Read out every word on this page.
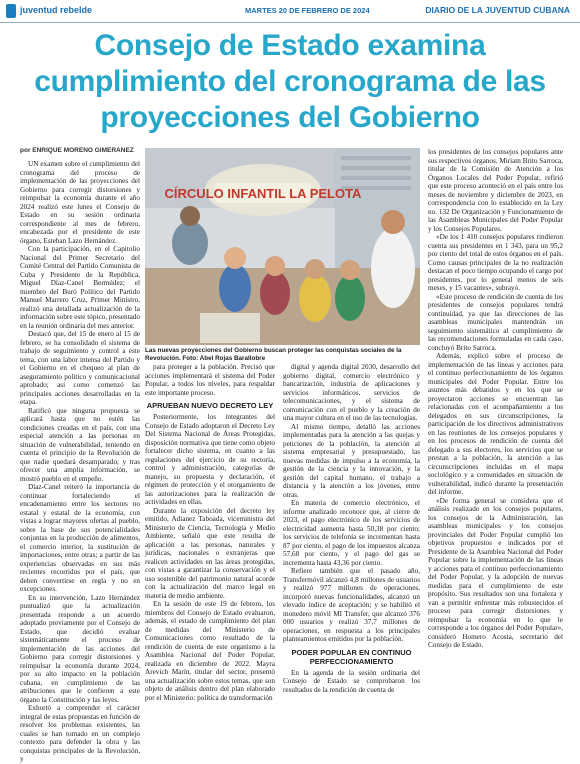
juventud rebelde	MARTES 20 DE FEBRERO DE 2024	DIARIO DE LA JUVENTUD CUBANA
Consejo de Estado examina cumplimiento del cronograma de las proyecciones del Gobierno
por ENRIQUE MORENO GIMERANEZ

UN examen sobre el cumplimiento del cronograma del proceso de implementación de las proyecciones del Gobierno para corregir distorsiones y reimpulsar la economía durante el año 2024 realizó este lunes el Consejo de Estado en su sesión ordinaria correspondiente al mes de febrero, encabezada por el presidente de este órgano, Esteban Lazo Hernández.

Con la participación, en el Capitolio Nacional del Primer Secretario del Comité Central del Partido Comunista de Cuba y Presidente de la República, Miguel Díaz-Canel Bermúdez; el miembro del Buró Político del Partido Manuel Marrero Cruz, Primer Ministro, realizó una detallada actualización de la información sobre este tópico, presentado en la reunión ordinaria del mes anterior.

Destacó que, del 15 de enero al 15 de febrero, se ha consolidado el sistema de trabajo de seguimiento y control a este tema, con una labor intensa del Partido y el Gobierno en el chequeo al plan de aseguramiento político y comunicacional aprobado; así como comenzó las principales acciones desarrolladas en la etapa.

Ratificó que ninguna propuesta se aplicará hasta que no estén las condiciones creadas en el país, con una especial atención a las personas en situación de vulnerabilidad, teniendo en cuenta el principio de la Revolución de que nadie quedará desamparado; y tras ofrecer una amplia información, se mostró pueblo en el empeño.

Díaz-Canel reiteró la importancia de continuar fortaleciendo el encadenamiento entre los sectores no estatal y estatal de la economía, con vistas a lograr mayores ofertas al pueblo, sobre la base de sus potencialidades conjuntas en la producción de alimentos, el comercio interior, la sustitución de importaciones, entre otras; a partir de las experiencias observadas en sus más recientes recorridos por el país, que deben convertirse en regla y no en excepciones.

En su intervención, Lazo Hernández puntualizó que la actualización presentada responde a un acuerdo adoptado previamente por el Consejo de Estado, que decidió evaluar sistemáticamente el proceso de implementación de las acciones del Gobierno para corregir distorsiones y reimpulsar la economía durante 2024, por su alto impacto en la población cubana, en cumplimiento de las atribuciones que le confieren a este órgano la Constitución y las leyes.

Exhortó a comprender el carácter integral de estas propuestas en función de resolver los problemas existentes, las cuales se han tomado en un complejo contexto para defender la obra y las conquistas principales de la Revolución, y

CÍRCULO INFANTIL LA PELOTA
Las nuevas proyecciones del Gobierno buscan proteger las conquistas sociales de la Revolución. Foto: Abel Rojas Barallobre

para proteger a la población. Precisó que acciones implementará el sistema del Poder Popular, a todos los niveles, para respaldar este importante proceso.

APRUEBAN NUEVO DECRETO LEY

Posteriormente, los integrantes del Consejo de Estado adoptaron el Decreto Ley Del Sistema Nacional de Áreas Protegidas, disposición normativa que tiene como objeto fortalecer dicho sistema, en cuanto a las regulaciones del ejercicio de su rectoría, control y administración, categorías de manejo, su propuesta y declaración, el régimen de protección y el otorgamiento de las autorizaciones para la realización de actividades en ellas.

Durante la exposición del decreto ley emitido, Adianez Taboada, viceministra del Ministerio de Ciencia, Tecnología y Medio Ambiente, señaló que este resulta de aplicación a las personas, naturales y jurídicas, nacionales o extranjeras que realicen actividades en las áreas protegidas, con vistas a garantizar la conservación y el uso sostenible del patrimonio natural acorde con la actualización del marco legal en materia de medio ambiente.

En la sesión de este 19 de febrero, los miembros del Consejo de Estado evaluaron, además, el estado de cumplimiento del plan de medidas del Ministerio de Comunicaciones como resultado de la rendición de cuenta de este organismo a la Asamblea Nacional del Poder Popular, realizada en diciembre de 2022. Mayra Arevich Marín, titular del sector, presentó una actualización sobre estos temas, que son objeto de análisis dentro del plan elaborado por el Ministerio: política de transformación

digital y agenda digital 2030, desarrollo del gobierno digital, comercio electrónico y bancarización, industria de aplicaciones y servicios informáticos, servicios de telecomunicaciones, y el sistema de comunicación con el pueblo y la creación de una mayor cultura en el uso de las tecnologías.

Al mismo tiempo, detalló las acciones implementadas para la atención a las quejas y peticiones de la población, la atención al sistema empresarial y presupuestado, las nuevas medidas de impulso a la economía, la gestión de la ciencia y la innovación, y la gestión del capital humano, el trabajo a distancia y la atención a los jóvenes, entre otras.

En materia de comercio electrónico, el informe analizado reconoce que, al cierre de 2023, el pago electrónico de los servicios de electricidad aumenta hasta 50,38 por ciento; los servicios de telefonía se incrementan hasta 87 por ciento, el pago de los impuestos alcanza 57,68 por ciento, y el pago del gas se incrementa hasta 43,36 por ciento.

Refiere también que el pasado año, Transfermóvil alcanzó 4,8 millones de usuarios y realizó 977 millones de operaciones, incorporó nuevas funcionalidades, alcanzó un elevado índice de aceptación; y se habilitó el monedero móvil MI Transfer, que alcanzó 376 000 usuarios y realizó 37,7 millones de operaciones, en respuesta a los principales planteamientos emitidos por la población.

PODER POPULAR EN CONTINUO PERFECCIONAMIENTO

En la agenda de la sesión ordinaria del Consejo de Estado se comprobaron los resultados de la rendición de cuenta de

los presidentes de los consejos populares ante sus respectivos órganos. Miriam Brito Sarroca, titular de la Comisión de Atención a los Órganos Locales del Poder Popular, refirió que este proceso aconteció en el país entre los meses de noviembre y diciembre de 2023, en correspondencia con lo establecido en la Ley no. 132 De Organización y Funcionamiento de las Asambleas Municipales del Poder Popular y los Consejos Populares.

«De los 1 410 consejos populares rindieron cuenta sus presidentes en 1 343, para un 95,2 por ciento del total de estos órganos en el país. Como causas principales de la no realización destacan el poco tiempo ocupando el cargo por presidentes, por lo general menos de seis meses, y 15 vacantes», subrayó.

«Este proceso de rendición de cuenta de los presidentes de consejos populares tendrá continuidad, ya que las direcciones de las asambleas municipales mantendrán un seguimiento sistemático al cumplimiento de las recomendaciones formuladas en cada caso, concluyó Brito Sarroca.

Además, explicó sobre el proceso de implementación de las líneas y acciones para el continuo perfeccionamiento de los órganos municipales del Poder Popular. Entre los asuntos más debatidos y en los que se proyectaron acciones se encuentran las relacionadas con el acompañamiento a los delegados en sus circunscripciones, la participación de los directivos administrativos en las reuniones de los consejos populares y en los procesos de rendición de cuenta del delegado a sus electores, los servicios que se prestan a la población, la atención a las circunscripciones incluidas en el mapa sociológico y a comunidades en situación de vulnerabilidad, indicó durante la presentación del informe.

«De forma general se considera que el análisis realizado en los consejos populares, los consejos de la Administración, las asambleas municipales y los consejos provinciales del Poder Popular cumplió los objetivos propuestos e indicados por el Presidente de la Asamblea Nacional del Poder Popular sobre la implementación de las líneas y acciones para el continuo perfeccionamiento del Poder Popular, y la adopción de nuevas medidas para el cumplimiento de este propósito. Sus resultados son una fortaleza y van a permitir enfrentar más robustecidos el proceso para corregir distorsiones y reimpulsar la economía en lo que le corresponde a los órganos del Poder Popular», consideró Homero Acosta, secretario del Consejo de Estado.
